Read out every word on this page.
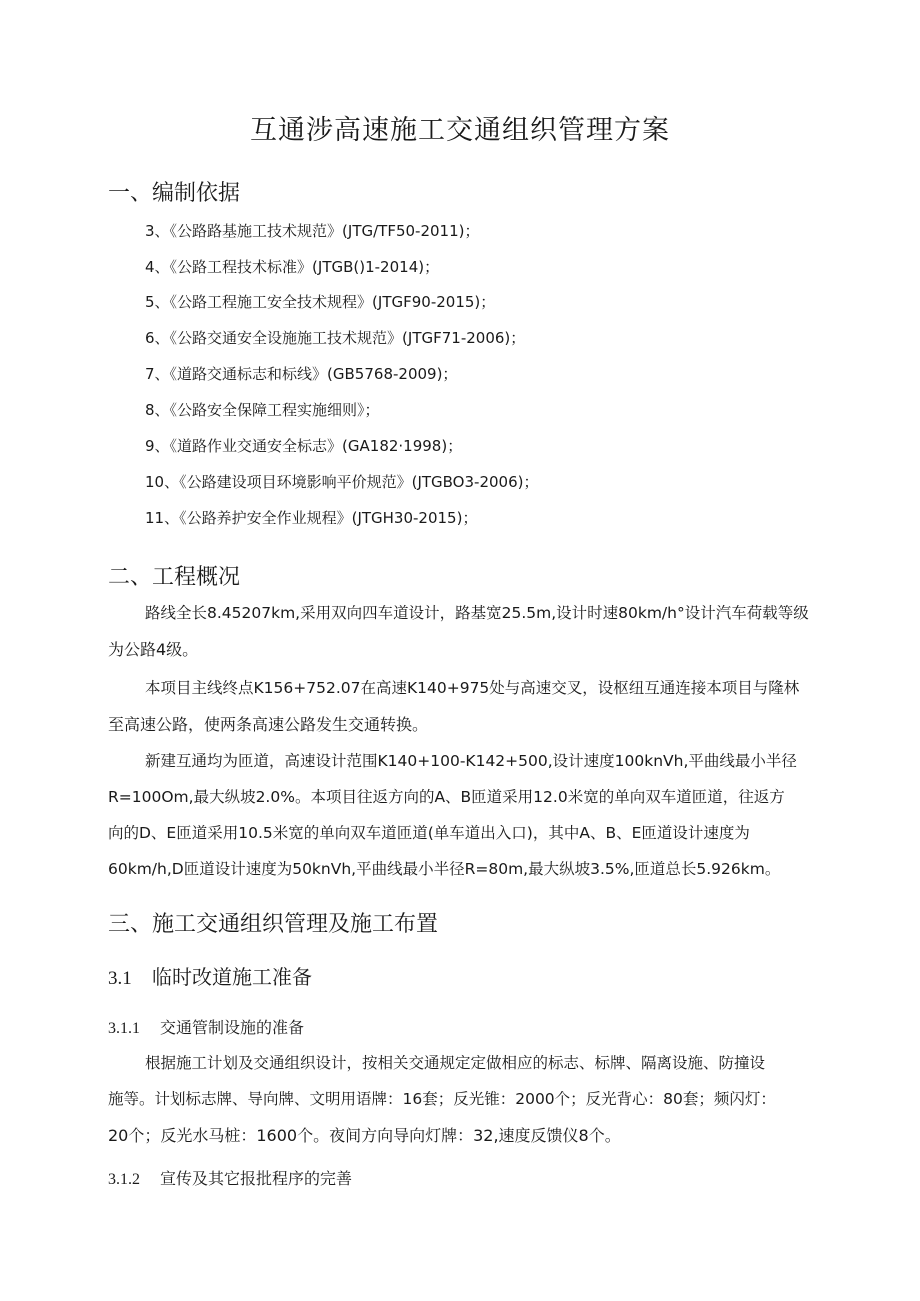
互通涉高速施工交通组织管理方案
一、编制依据
3、《公路路基施工技术规范》(JTG/TF50-2011)；
4、《公路工程技术标准》(JTGB()1-2014)；
5、《公路工程施工安全技术规程》(JTGF90-2015)；
6、《公路交通安全设施施工技术规范》(JTGF71-2006)；
7、《道路交通标志和标线》(GB5768-2009)；
8、《公路安全保障工程实施细则》；
9、《道路作业交通安全标志》(GA182·1998)；
10、《公路建设项目环境影响平价规范》(JTGBO3-2006)；
11、《公路养护安全作业规程》(JTGH30-2015)；
二、工程概况
路线全长8.45207km,采用双向四车道设计，路基宽25.5m,设计时速80km/h°设计汽车荷载等级
为公路4级。
本项目主线终点K156+752.07在高速K140+975处与高速交叉，设枢纽互通连接本项目与隆林
至高速公路，使两条高速公路发生交通转换。
新建互通均为匝道，高速设计范围K140+100-K142+500,设计速度100knVh,平曲线最小半径
R=100Om,最大纵坡2.0%。本项目往返方向的A、B匝道采用12.0米宽的单向双车道匝道，往返方
向的D、E匝道采用10.5米宽的单向双车道匝道(单车道出入口)，其中A、B、E匝道设计速度为
60km/h,D匝道设计速度为50knVh,平曲线最小半径R=80m,最大纵坡3.5%,匝道总长5.926km。
三、施工交通组织管理及施工布置
3.1 临时改道施工准备
3.1.1 交通管制设施的准备
根据施工计划及交通组织设计，按相关交通规定定做相应的标志、标牌、隔离设施、防撞设
施等。计划标志牌、导向牌、文明用语牌：16套；反光锥：2000个；反光背心：80套；频闪灯：
20个；反光水马桩：1600个。夜间方向导向灯牌：32,速度反馈仪8个。
3.1.2 宣传及其它报批程序的完善
